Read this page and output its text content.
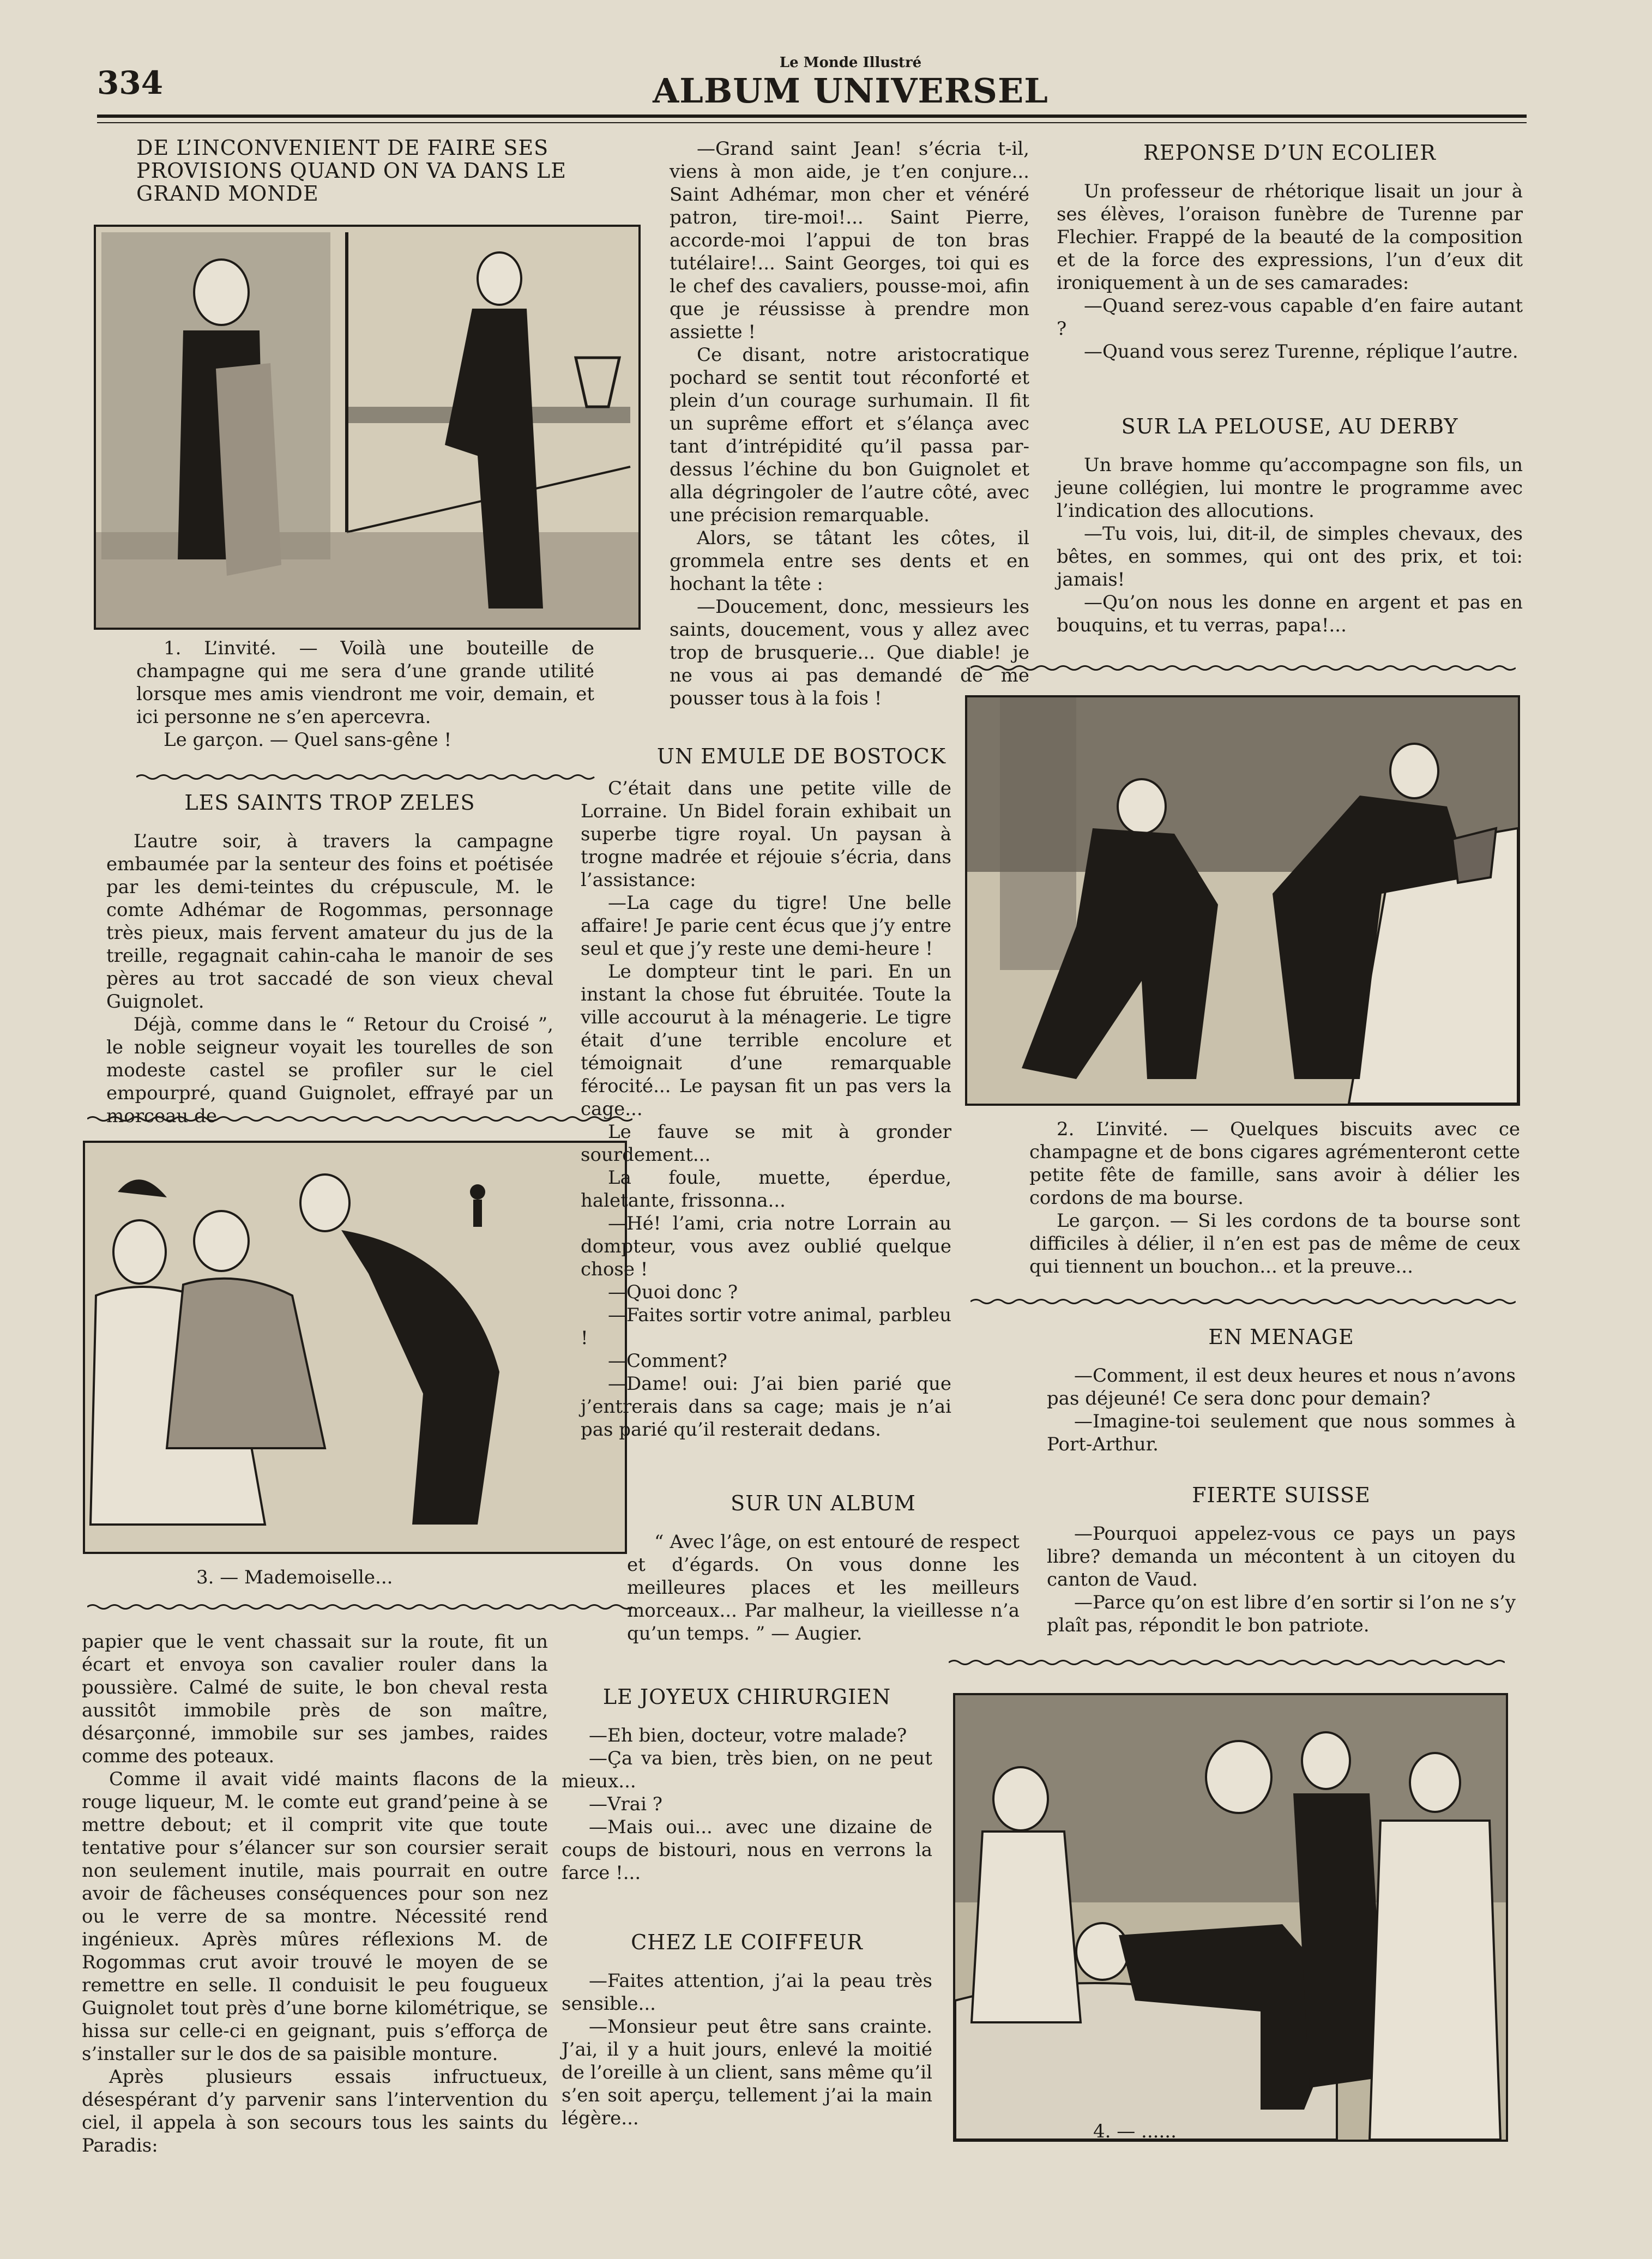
334
Le Monde Illustré
ALBUM UNIVERSEL
DE L’INCONVENIENT DE FAIRE SES PROVISIONS QUAND ON VA DANS LE GRAND MONDE

1. L’invité. — Voilà une bouteille de champagne qui me sera d’une grande utilité lorsque mes amis viendront me voir, demain, et ici personne ne s’en apercevra.

Le garçon. — Quel sans-gêne !

LES SAINTS TROP ZELES

L’autre soir, à travers la campagne embaumée par la senteur des foins et poétisée par les demi-teintes du crépuscule, M. le comte Adhémar de Rogommas, personnage très pieux, mais fervent amateur du jus de la treille, regagnait cahin-caha le manoir de ses pères au trot saccadé de son vieux cheval Guignolet.

Déjà, comme dans le “ Retour du Croisé ”, le noble seigneur voyait les tourelles de son modeste castel se profiler sur le ciel empourpré, quand Guignolet, effrayé par un morceau de

3. — Mademoiselle...

papier que le vent chassait sur la route, fit un écart et envoya son cavalier rouler dans la poussière. Calmé de suite, le bon cheval resta aussitôt immobile près de son maître, désarçonné, immobile sur ses jambes, raides comme des poteaux.

Comme il avait vidé maints flacons de la rouge liqueur, M. le comte eut grand’peine à se mettre debout; et il comprit vite que toute tentative pour s’élancer sur son coursier serait non seulement inutile, mais pourrait en outre avoir de fâcheuses conséquences pour son nez ou le verre de sa montre. Nécessité rend ingénieux. Après mûres réflexions M. de Rogommas crut avoir trouvé le moyen de se remettre en selle. Il conduisit le peu fougueux Guignolet tout près d’une borne kilométrique, se hissa sur celle-ci en geignant, puis s’efforça de s’installer sur le dos de sa paisible monture.

Après plusieurs essais infructueux, désespérant d’y parvenir sans l’intervention du ciel, il appela à son secours tous les saints du Paradis:

—Grand saint Jean! s’écria t-il, viens à mon aide, je t’en conjure... Saint Adhémar, mon cher et vénéré patron, tire-moi!... Saint Pierre, accorde-moi l’appui de ton bras tutélaire!... Saint Georges, toi qui es le chef des cavaliers, pousse-moi, afin que je réussisse à prendre mon assiette !

Ce disant, notre aristocratique pochard se sentit tout réconforté et plein d’un courage surhumain. Il fit un suprême effort et s’élança avec tant d’intrépidité qu’il passa par-dessus l’échine du bon Guignolet et alla dégringoler de l’autre côté, avec une précision remarquable.

Alors, se tâtant les côtes, il grommela entre ses dents et en hochant la tête :

—Doucement, donc, messieurs les saints, doucement, vous y allez avec trop de brusquerie... Que diable! je ne vous ai pas demandé de me pousser tous à la fois !

UN EMULE DE BOSTOCK

C’était dans une petite ville de Lorraine. Un Bidel forain exhibait un superbe tigre royal. Un paysan à trogne madrée et réjouie s’écria, dans l’assistance:

—La cage du tigre! Une belle affaire! Je parie cent écus que j’y entre seul et que j’y reste une demi-heure !

Le dompteur tint le pari. En un instant la chose fut ébruitée. Toute la ville accourut à la ménagerie. Le tigre était d’une terrible encolure et témoignait d’une remarquable férocité... Le paysan fit un pas vers la cage...

Le fauve se mit à gronder sourdement...

La foule, muette, éperdue, haletante, frissonna...

—Hé! l’ami, cria notre Lorrain au dompteur, vous avez oublié quelque chose !

—Quoi donc ?

—Faites sortir votre animal, parbleu !

—Comment?

—Dame! oui: J’ai bien parié que j’entrerais dans sa cage; mais je n’ai pas parié qu’il resterait dedans.

SUR UN ALBUM

“ Avec l’âge, on est entouré de respect et d’égards. On vous donne les meilleures places et les meilleurs morceaux... Par malheur, la vieillesse n’a qu’un temps. ” — Augier.

LE JOYEUX CHIRURGIEN

—Eh bien, docteur, votre malade?

—Ça va bien, très bien, on ne peut mieux...

—Vrai ?

—Mais oui... avec une dizaine de coups de bistouri, nous en verrons la farce !...

CHEZ LE COIFFEUR

—Faites attention, j’ai la peau très sensible...

—Monsieur peut être sans crainte. J’ai, il y a huit jours, enlevé la moitié de l’oreille à un client, sans même qu’il s’en soit aperçu, tellement j’ai la main légère...

REPONSE D’UN ECOLIER

Un professeur de rhétorique lisait un jour à ses élèves, l’oraison funèbre de Turenne par Flechier. Frappé de la beauté de la composition et de la force des expressions, l’un d’eux dit ironiquement à un de ses camarades:

—Quand serez-vous capable d’en faire autant ?

—Quand vous serez Turenne, réplique l’autre.

SUR LA PELOUSE, AU DERBY

Un brave homme qu’accompagne son fils, un jeune collégien, lui montre le programme avec l’indication des allocutions.

—Tu vois, lui, dit-il, de simples chevaux, des bêtes, en sommes, qui ont des prix, et toi: jamais!

—Qu’on nous les donne en argent et pas en bouquins, et tu verras, papa!...

2. L’invité. — Quelques biscuits avec ce champagne et de bons cigares agrémenteront cette petite fête de famille, sans avoir à délier les cordons de ma bourse.

Le garçon. — Si les cordons de ta bourse sont difficiles à délier, il n’en est pas de même de ceux qui tiennent un bouchon... et la preuve...

EN MENAGE

—Comment, il est deux heures et nous n’avons pas déjeuné! Ce sera donc pour demain?

—Imagine-toi seulement que nous sommes à Port-Arthur.

FIERTE SUISSE

—Pourquoi appelez-vous ce pays un pays libre? demanda un mécontent à un citoyen du canton de Vaud.

—Parce qu’on est libre d’en sortir si l’on ne s’y plaît pas, répondit le bon patriote.

4. — ......
